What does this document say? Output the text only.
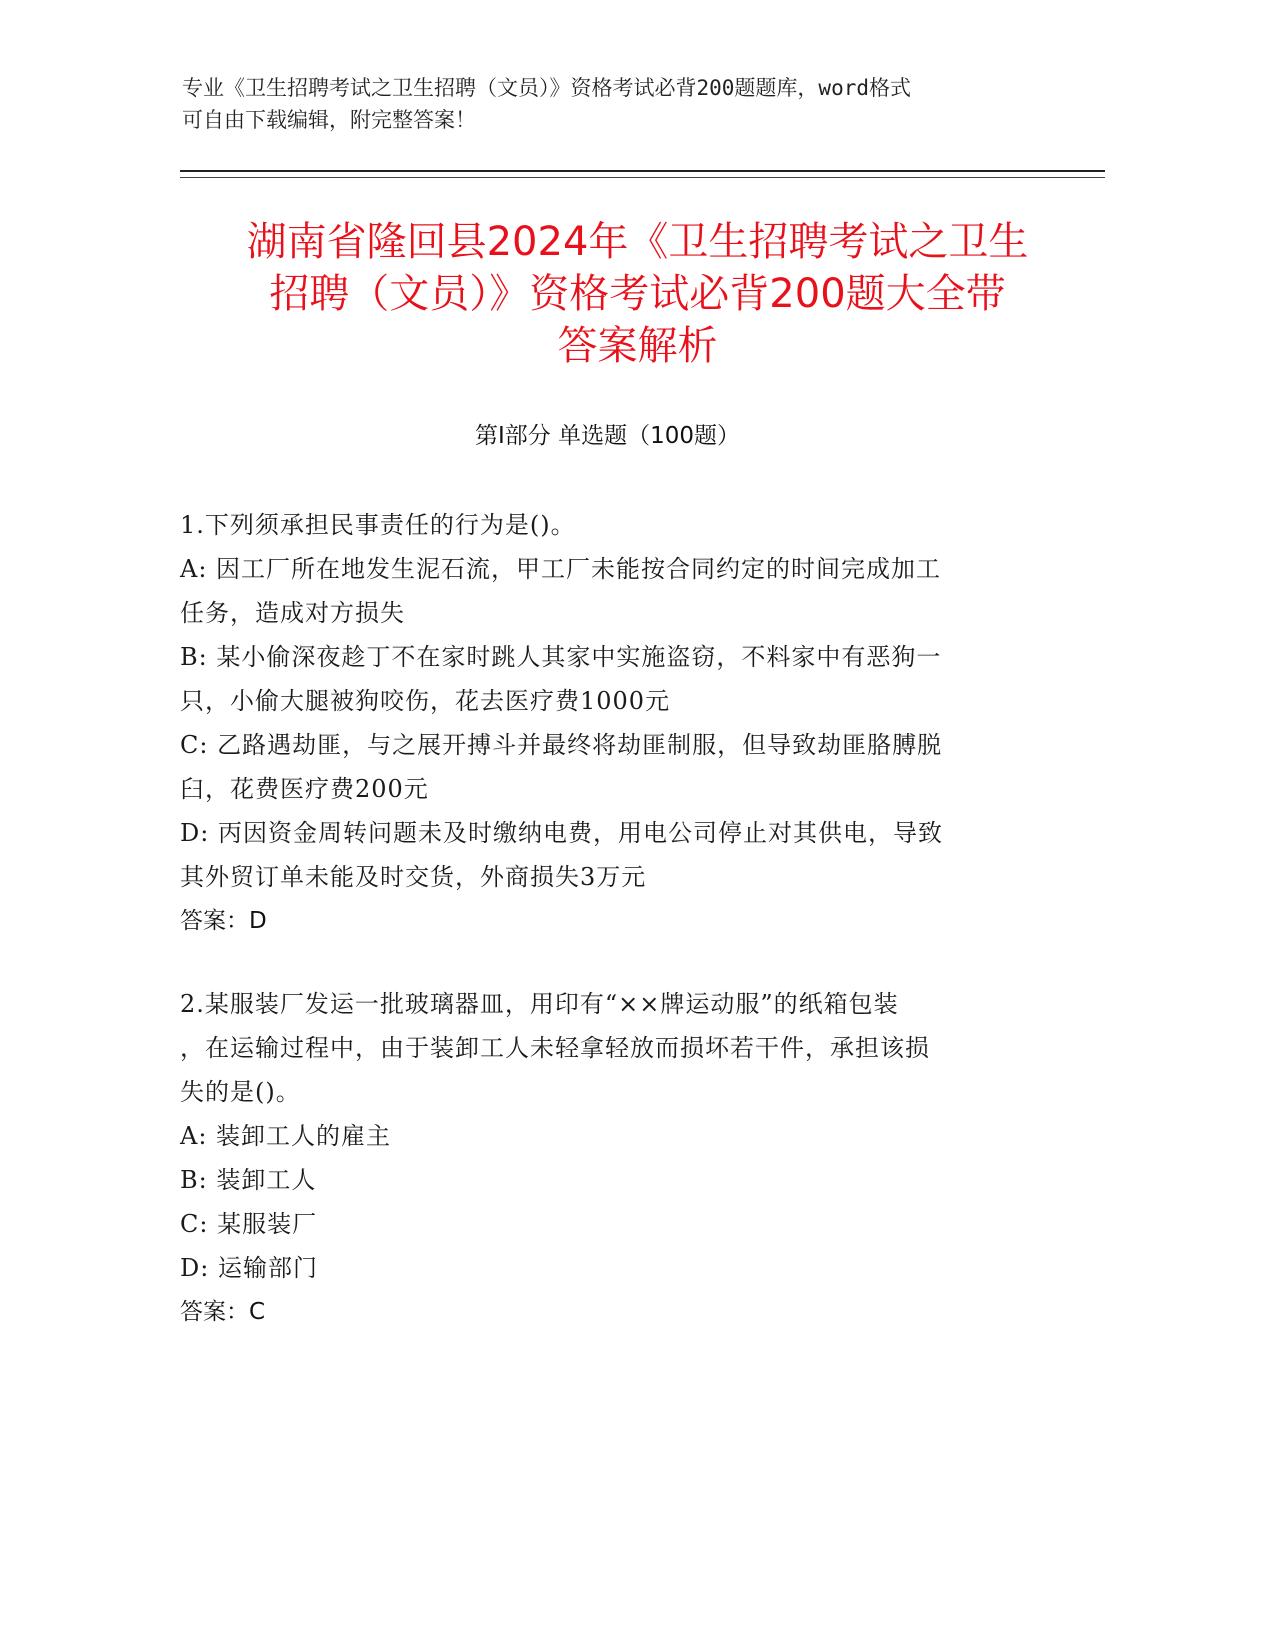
专业《卫生招聘考试之卫生招聘（文员）》资格考试必背200题题库，word格式
可自由下载编辑，附完整答案！
湖南省隆回县2024年《卫生招聘考试之卫生
招聘（文员）》资格考试必背200题大全带
答案解析
第Ⅰ部分 单选题（100题）
1.下列须承担民事责任的行为是()。
A: 因工厂所在地发生泥石流，甲工厂未能按合同约定的时间完成加工
任务，造成对方损失
B: 某小偷深夜趁丁不在家时跳人其家中实施盗窃，不料家中有恶狗一
只，小偷大腿被狗咬伤，花去医疗费1000元
C: 乙路遇劫匪，与之展开搏斗并最终将劫匪制服，但导致劫匪胳膊脱
臼，花费医疗费200元
D: 丙因资金周转问题未及时缴纳电费，用电公司停止对其供电，导致
其外贸订单未能及时交货，外商损失3万元
答案：D
2.某服装厂发运一批玻璃器皿，用印有“××牌运动服”的纸箱包装
，在运输过程中，由于装卸工人未轻拿轻放而损坏若干件，承担该损
失的是()。
A: 装卸工人的雇主
B: 装卸工人
C: 某服装厂
D: 运输部门
答案：C
